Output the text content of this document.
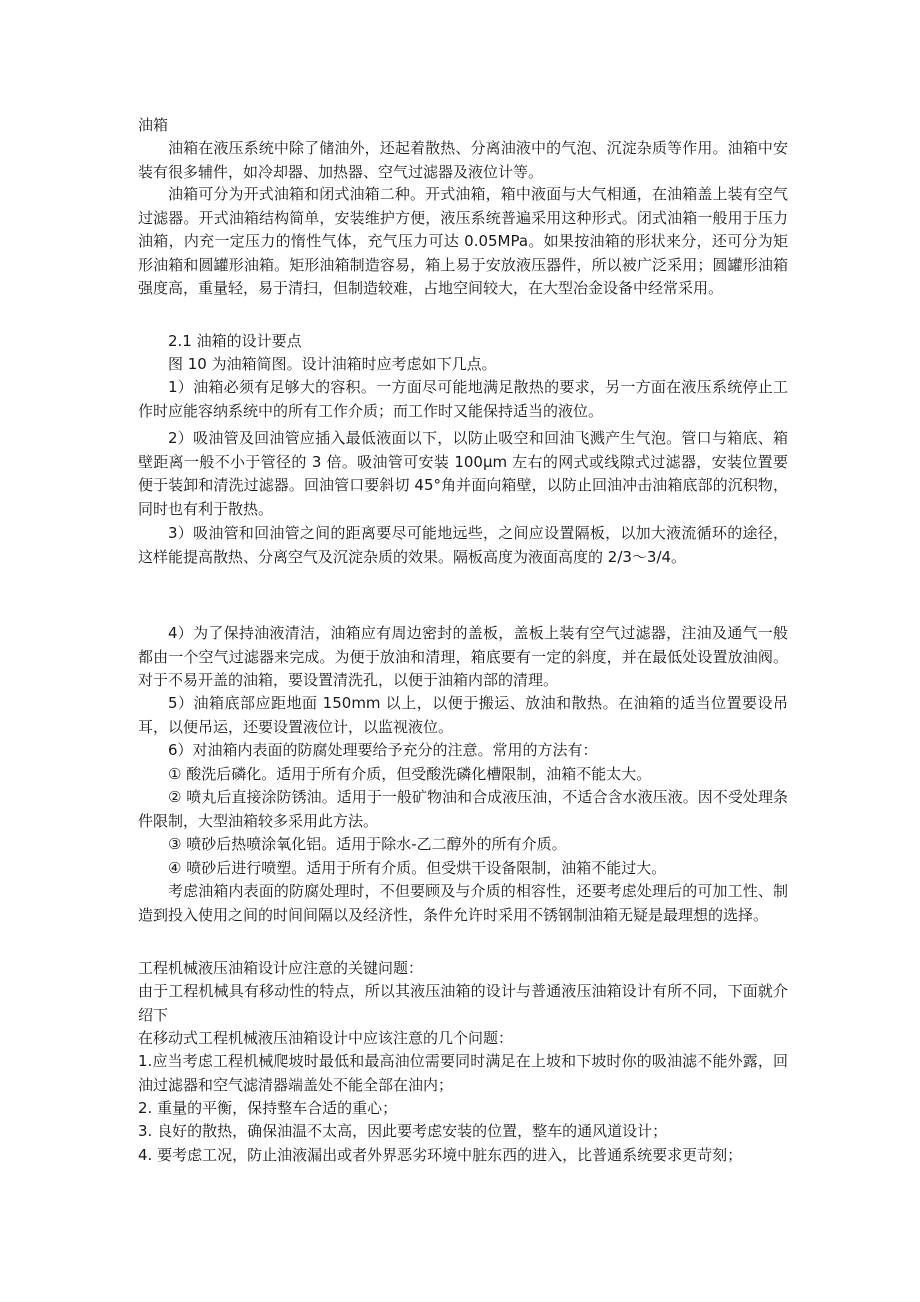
油箱

油箱在液压系统中除了储油外，还起着散热、分离油液中的气泡、沉淀杂质等作用。油箱中安装有很多辅件，如冷却器、加热器、空气过滤器及液位计等。

油箱可分为开式油箱和闭式油箱二种。开式油箱，箱中液面与大气相通，在油箱盖上装有空气过滤器。开式油箱结构简单，安装维护方便，液压系统普遍采用这种形式。闭式油箱一般用于压力油箱，内充一定压力的惰性气体，充气压力可达 0.05MPa。如果按油箱的形状来分，还可分为矩形油箱和圆罐形油箱。矩形油箱制造容易，箱上易于安放液压器件，所以被广泛采用；圆罐形油箱强度高，重量轻，易于清扫，但制造较难，占地空间较大，在大型冶金设备中经常采用。

2.1 油箱的设计要点

图 10 为油箱简图。设计油箱时应考虑如下几点。

1）油箱必须有足够大的容积。一方面尽可能地满足散热的要求，另一方面在液压系统停止工作时应能容纳系统中的所有工作介质；而工作时又能保持适当的液位。

2）吸油管及回油管应插入最低液面以下，以防止吸空和回油飞溅产生气泡。管口与箱底、箱壁距离一般不小于管径的 3 倍。吸油管可安装 100μm 左右的网式或线隙式过滤器，安装位置要便于装卸和清洗过滤器。回油管口要斜切 45°角并面向箱壁，以防止回油冲击油箱底部的沉积物，同时也有利于散热。

3）吸油管和回油管之间的距离要尽可能地远些，之间应设置隔板，以加大液流循环的途径，这样能提高散热、分离空气及沉淀杂质的效果。隔板高度为液面高度的 2/3～3/4。

4）为了保持油液清洁，油箱应有周边密封的盖板，盖板上装有空气过滤器，注油及通气一般都由一个空气过滤器来完成。为便于放油和清理，箱底要有一定的斜度，并在最低处设置放油阀。对于不易开盖的油箱，要设置清洗孔，以便于油箱内部的清理。

5）油箱底部应距地面 150mm 以上，以便于搬运、放油和散热。在油箱的适当位置要设吊耳，以便吊运，还要设置液位计，以监视液位。

6）对油箱内表面的防腐处理要给予充分的注意。常用的方法有：

① 酸洗后磷化。适用于所有介质，但受酸洗磷化槽限制，油箱不能太大。

② 喷丸后直接涂防锈油。适用于一般矿物油和合成液压油，不适合含水液压液。因不受处理条件限制，大型油箱较多采用此方法。

③ 喷砂后热喷涂氧化铝。适用于除水-乙二醇外的所有介质。

④ 喷砂后进行喷塑。适用于所有介质。但受烘干设备限制，油箱不能过大。

考虑油箱内表面的防腐处理时，不但要顾及与介质的相容性，还要考虑处理后的可加工性、制造到投入使用之间的时间间隔以及经济性，条件允许时采用不锈钢制油箱无疑是最理想的选择。

工程机械液压油箱设计应注意的关键问题：

由于工程机械具有移动性的特点，所以其液压油箱的设计与普通液压油箱设计有所不同，下面就介绍下

在移动式工程机械液压油箱设计中应该注意的几个问题：

1.应当考虑工程机械爬坡时最低和最高油位需要同时满足在上坡和下坡时你的吸油滤不能外露，回油过滤器和空气滤清器端盖处不能全部在油内；

2. 重量的平衡，保持整车合适的重心；

3. 良好的散热，确保油温不太高，因此要考虑安装的位置，整车的通风道设计；

4. 要考虑工况，防止油液漏出或者外界恶劣环境中脏东西的进入，比普通系统要求更苛刻；
